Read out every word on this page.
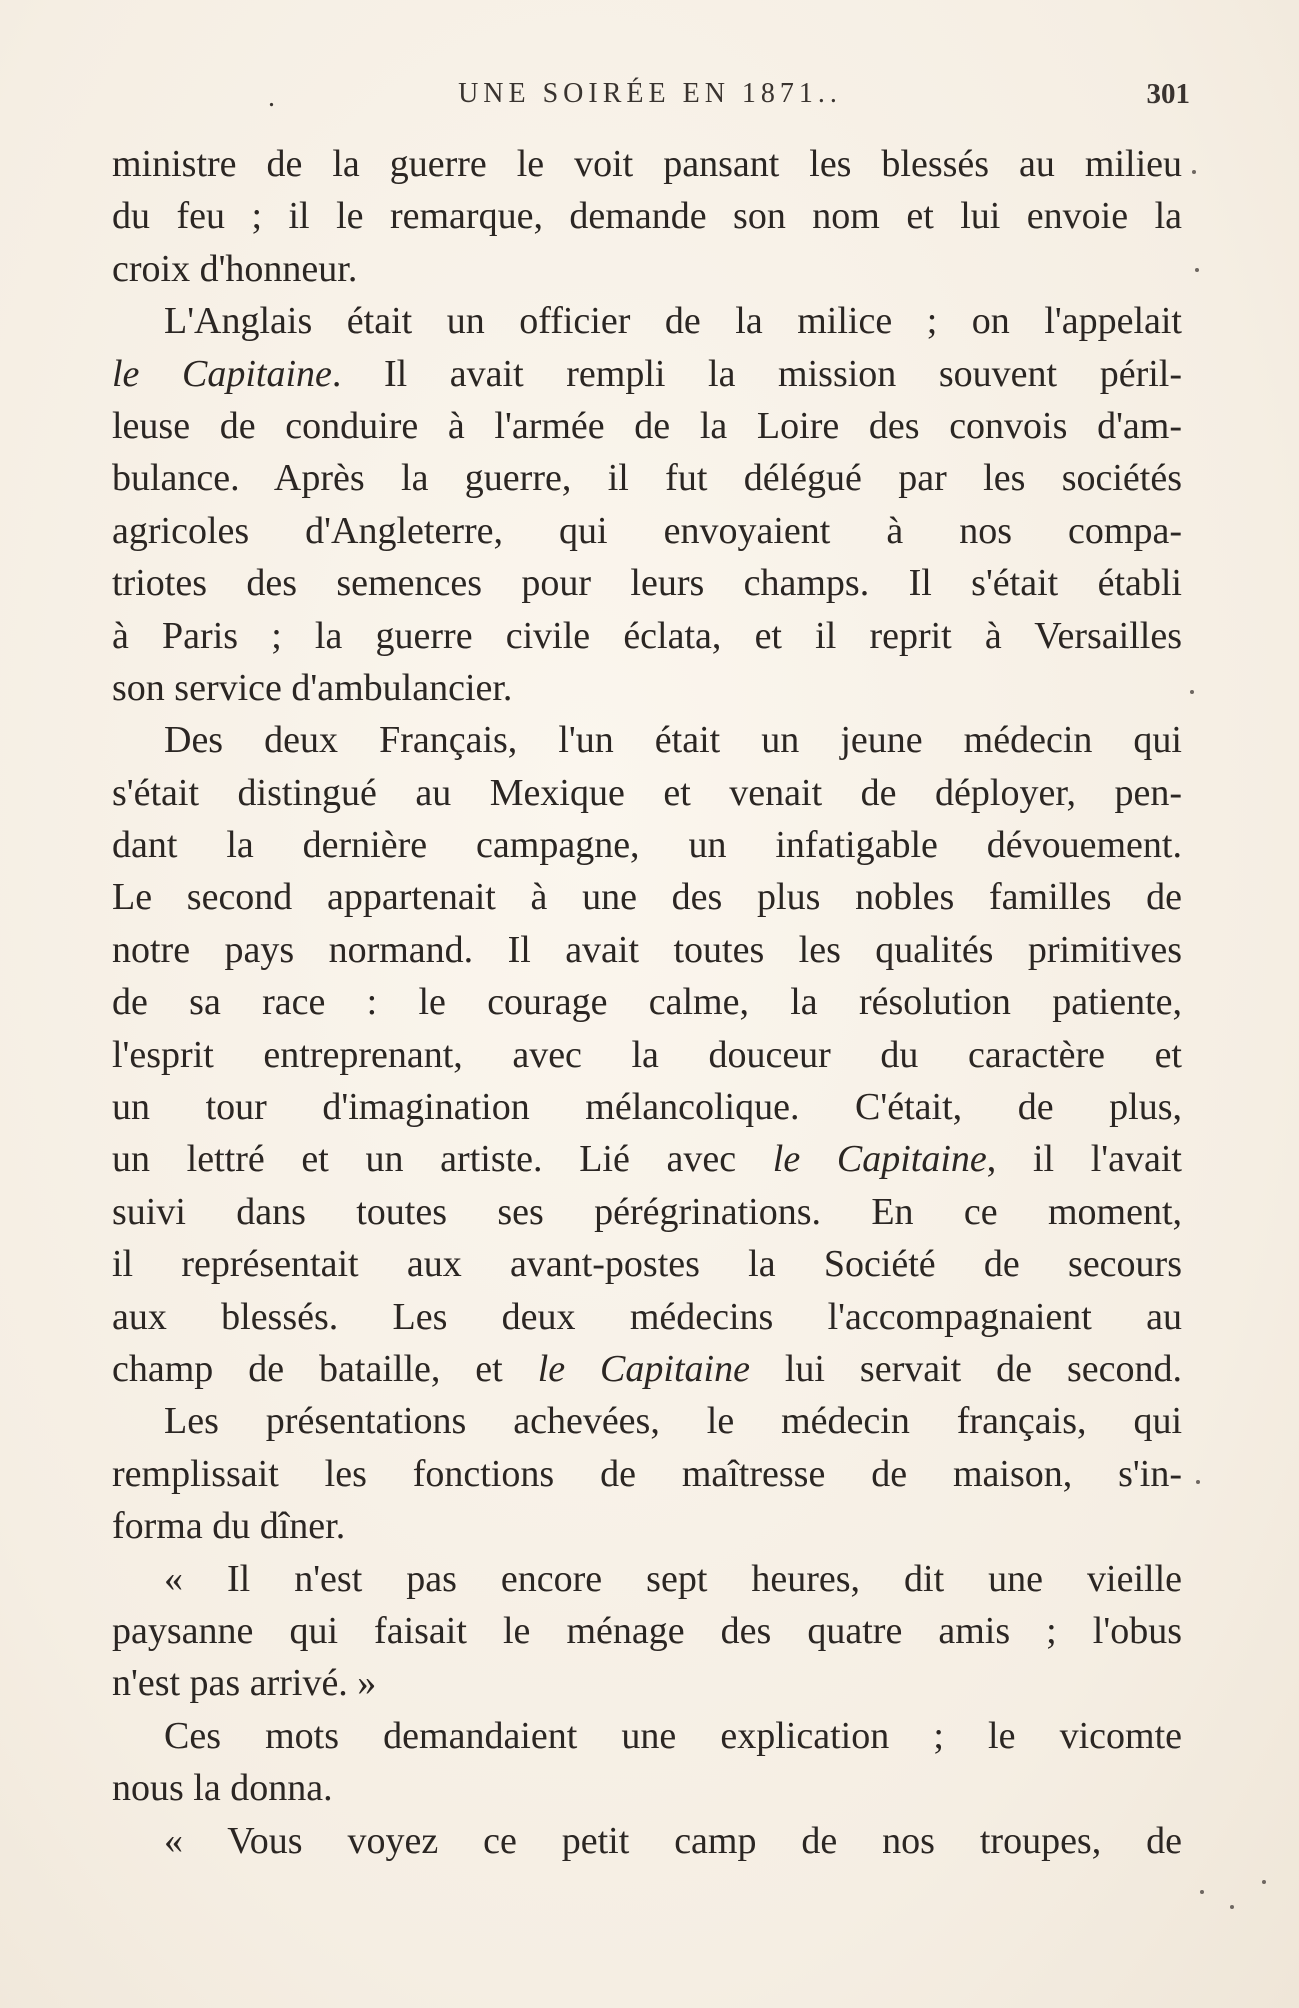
.	UNE SOIRÉE EN 1871..	301
ministre de la guerre le voit pansant les blessés au milieu
du feu ; il le remarque, demande son nom et lui envoie la
croix d'honneur.
L'Anglais était un officier de la milice ; on l'appelait
le Capitaine. Il avait rempli la mission souvent péril-
leuse de conduire à l'armée de la Loire des convois d'am-
bulance. Après la guerre, il fut délégué par les sociétés
agricoles d'Angleterre, qui envoyaient à nos compa-
triotes des semences pour leurs champs. Il s'était établi
à Paris ; la guerre civile éclata, et il reprit à Versailles
son service d'ambulancier.
Des deux Français, l'un était un jeune médecin qui
s'était distingué au Mexique et venait de déployer, pen-
dant la dernière campagne, un infatigable dévouement.
Le second appartenait à une des plus nobles familles de
notre pays normand. Il avait toutes les qualités primitives
de sa race : le courage calme, la résolution patiente,
l'esprit entreprenant, avec la douceur du caractère et
un tour d'imagination mélancolique. C'était, de plus,
un lettré et un artiste. Lié avec le Capitaine, il l'avait
suivi dans toutes ses pérégrinations. En ce moment,
il représentait aux avant-postes la Société de secours
aux blessés. Les deux médecins l'accompagnaient au
champ de bataille, et le Capitaine lui servait de second.
Les présentations achevées, le médecin français, qui
remplissait les fonctions de maîtresse de maison, s'in-
forma du dîner.
« Il n'est pas encore sept heures, dit une vieille
paysanne qui faisait le ménage des quatre amis ; l'obus
n'est pas arrivé. »
Ces mots demandaient une explication ; le vicomte
nous la donna.
« Vous voyez ce petit camp de nos troupes, de
